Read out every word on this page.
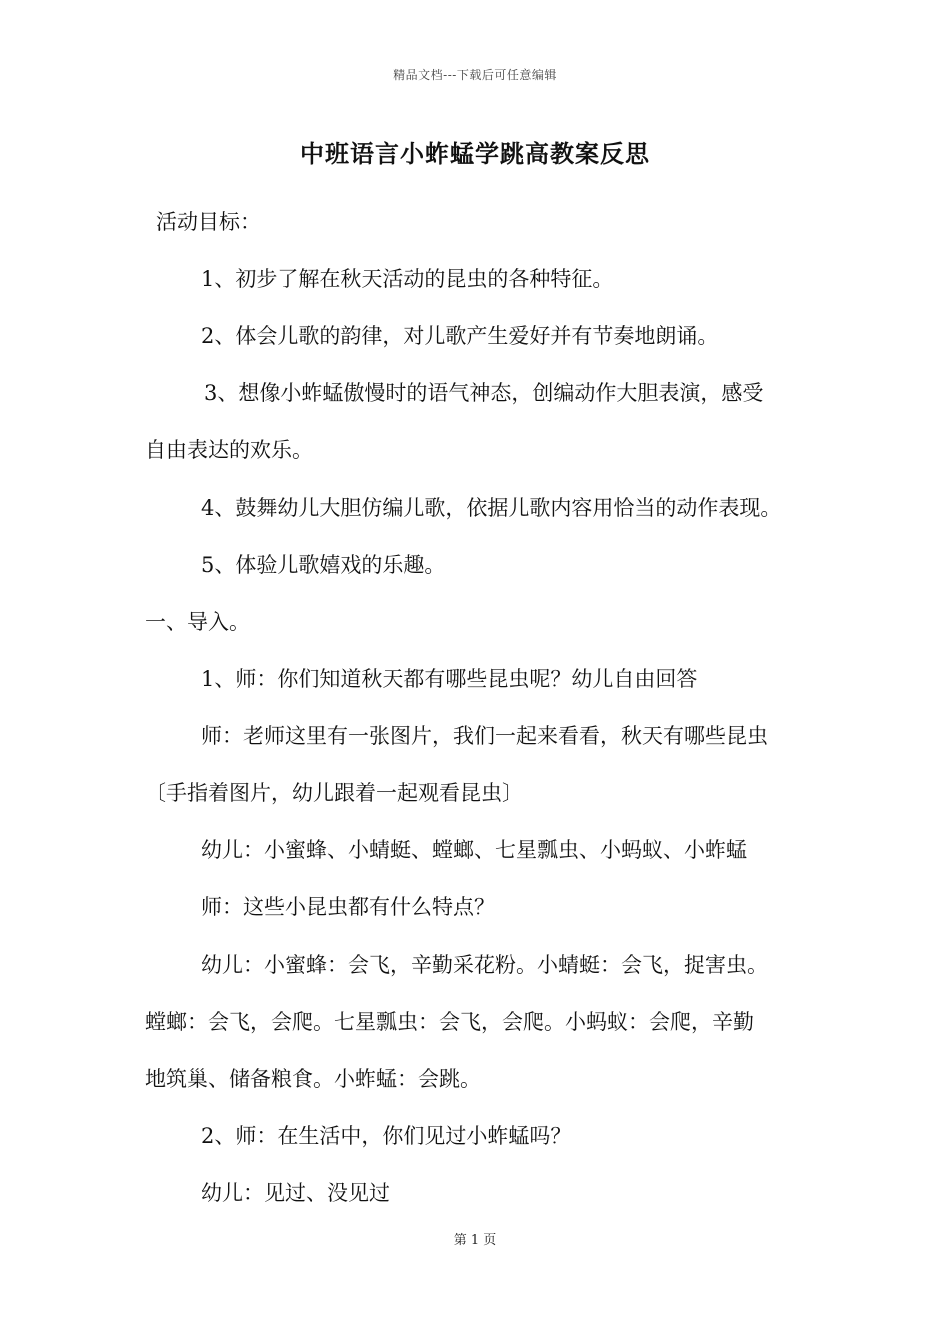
精品文档---下载后可任意编辑
中班语言小蚱蜢学跳高教案反思
活动目标：
1、初步了解在秋天活动的昆虫的各种特征。
2、体会儿歌的韵律，对儿歌产生爱好并有节奏地朗诵。
3、想像小蚱蜢傲慢时的语气神态，创编动作大胆表演，感受
自由表达的欢乐。
4、鼓舞幼儿大胆仿编儿歌，依据儿歌内容用恰当的动作表现。
5、体验儿歌嬉戏的乐趣。
一、导入。
1、师：你们知道秋天都有哪些昆虫呢？幼儿自由回答
师：老师这里有一张图片，我们一起来看看，秋天有哪些昆虫
〔手指着图片，幼儿跟着一起观看昆虫〕
幼儿：小蜜蜂、小蜻蜓、螳螂、七星瓢虫、小蚂蚁、小蚱蜢
师：这些小昆虫都有什么特点？
幼儿：小蜜蜂：会飞，辛勤采花粉。小蜻蜓：会飞，捉害虫。
螳螂：会飞，会爬。七星瓢虫：会飞，会爬。小蚂蚁：会爬，辛勤
地筑巢、储备粮食。小蚱蜢：会跳。
2、师：在生活中，你们见过小蚱蜢吗？
幼儿：见过、没见过
第 1 页
